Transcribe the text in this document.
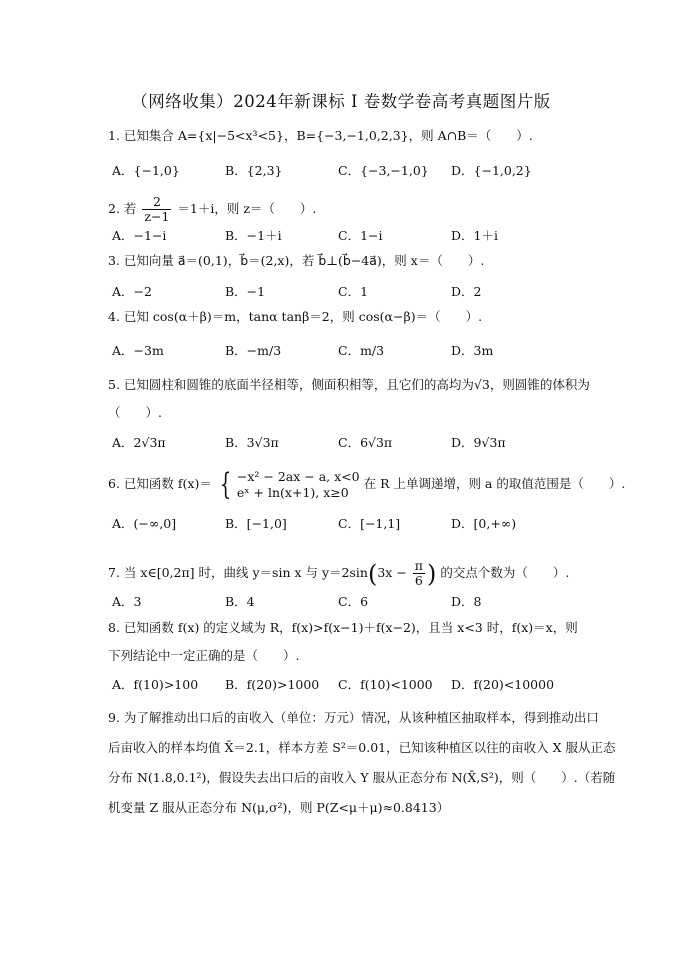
（网络收集）2024年新课标 I 卷数学卷高考真题图片版
1. 已知集合 A={x|−5<x³<5}，B={−3,−1,0,2,3}，则 A∩B＝（　　）.
A．{−1,0}	B．{2,3}	C．{−3,−1,0} D．{−1,0,2}
2. 若 $\frac{2}{z-1} =1+i$，则 z＝（　　）.
A．−1−i	B．−1＋i	C．1−i	D．1＋i
3. 已知向量 a⃗＝(0,1)，b⃗＝(2,x)，若 b⃗⊥(b⃗−4a⃗)，则 x＝（　　）.
A．−2	B．−1	C．1	D．2
4. 已知 cos(α＋β)＝m，tanα tanβ＝2，则 cos(α−β)＝（　　）.
A．−3m	B．−m/3	C．m/3	D．3m
5. 已知圆柱和圆锥的底面半径相等，侧面积相等，且它们的高均为√3，则圆锥的体积为
（　　）.
A．2√3π	B．3√3π	C．6√3π	D．9√3π
6. 已知函数 f(x)＝ { −x² − 2ax − a, x<0
eˣ + ln(x+1), x≥0
在 R 上单调递增，则 a 的取值范围是（　　）.
A．(−∞,0]	B．[−1,0]	C．[−1,1]	D．[0,+∞)
7. 当 x∈[0,2π] 时，曲线 y＝sin x 与 $y=2\sin(3x - \frac{\pi}{6}$ ) 的交点个数为（　　）.
A．3	B．4	C．6	D．8
8. 已知函数 f(x) 的定义域为 R，f(x)>f(x−1)＋f(x−2)，且当 x<3 时，f(x)＝x，则
下列结论中一定正确的是（　　）.
A．f(10)>100 B．f(20)>1000 C．f(10)<1000 D．f(20)<10000
9. 为了解推动出口后的亩收入（单位：万元）情况，从该种植区抽取样本，得到推动出口
后亩收入的样本均值 X̄＝2.1，样本方差 S²＝0.01，已知该种植区以往的亩收入 X 服从正态
分布 N(1.8,0.1²)，假设失去出口后的亩收入 Y 服从正态分布 N(X̄,S²)，则（　　）.（若随
机变量 Z 服从正态分布 N(μ,σ²)，则 P(Z<μ＋μ)≈0.8413）
